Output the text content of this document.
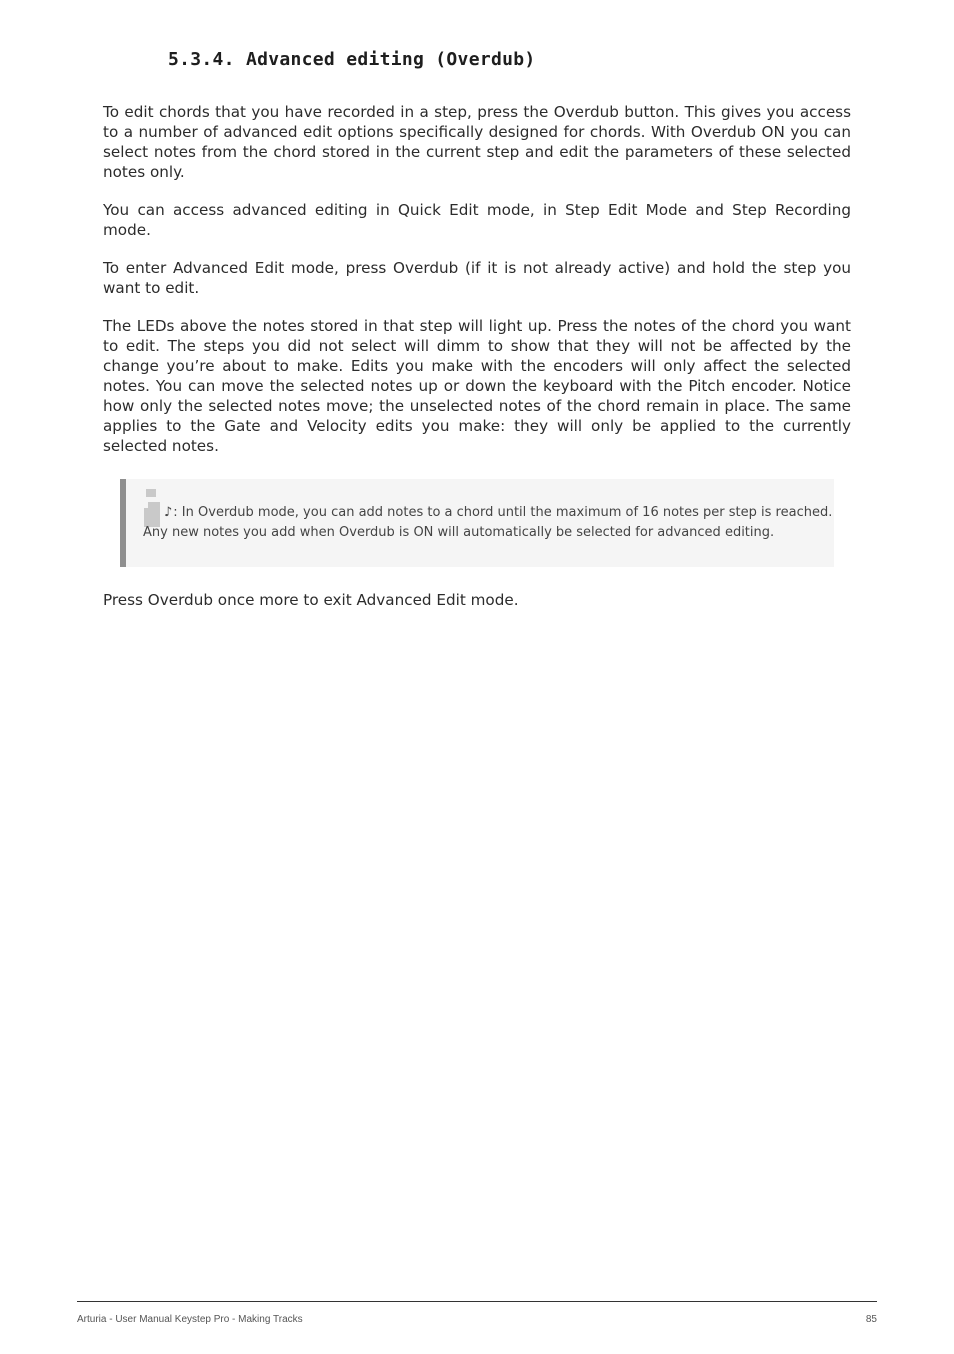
5.3.4. Advanced editing (Overdub)

To edit chords that you have recorded in a step, press the Overdub button. This gives you access to a number of advanced edit options specifically designed for chords. With Overdub ON you can select notes from the chord stored in the current step and edit the parameters of these selected notes only.

You can access advanced editing in Quick Edit mode, in Step Edit Mode and Step Recording mode.

To enter Advanced Edit mode, press Overdub (if it is not already active) and hold the step you want to edit.

The LEDs above the notes stored in that step will light up. Press the notes of the chord you want to edit. The steps you did not select will dimm to show that they will not be affected by the change you’re about to make. Edits you make with the encoders will only affect the selected notes. You can move the selected notes up or down the keyboard with the Pitch encoder. Notice how only the selected notes move; the unselected notes of the chord remain in place. The same applies to the Gate and Velocity edits you make: they will only be applied to the currently selected notes.

♪: In Overdub mode, you can add notes to a chord until the maximum of 16 notes per step is reached. Any new notes you add when Overdub is ON will automatically be selected for advanced editing.

Press Overdub once more to exit Advanced Edit mode.

Arturia - User Manual Keystep Pro - Making Tracks	85
